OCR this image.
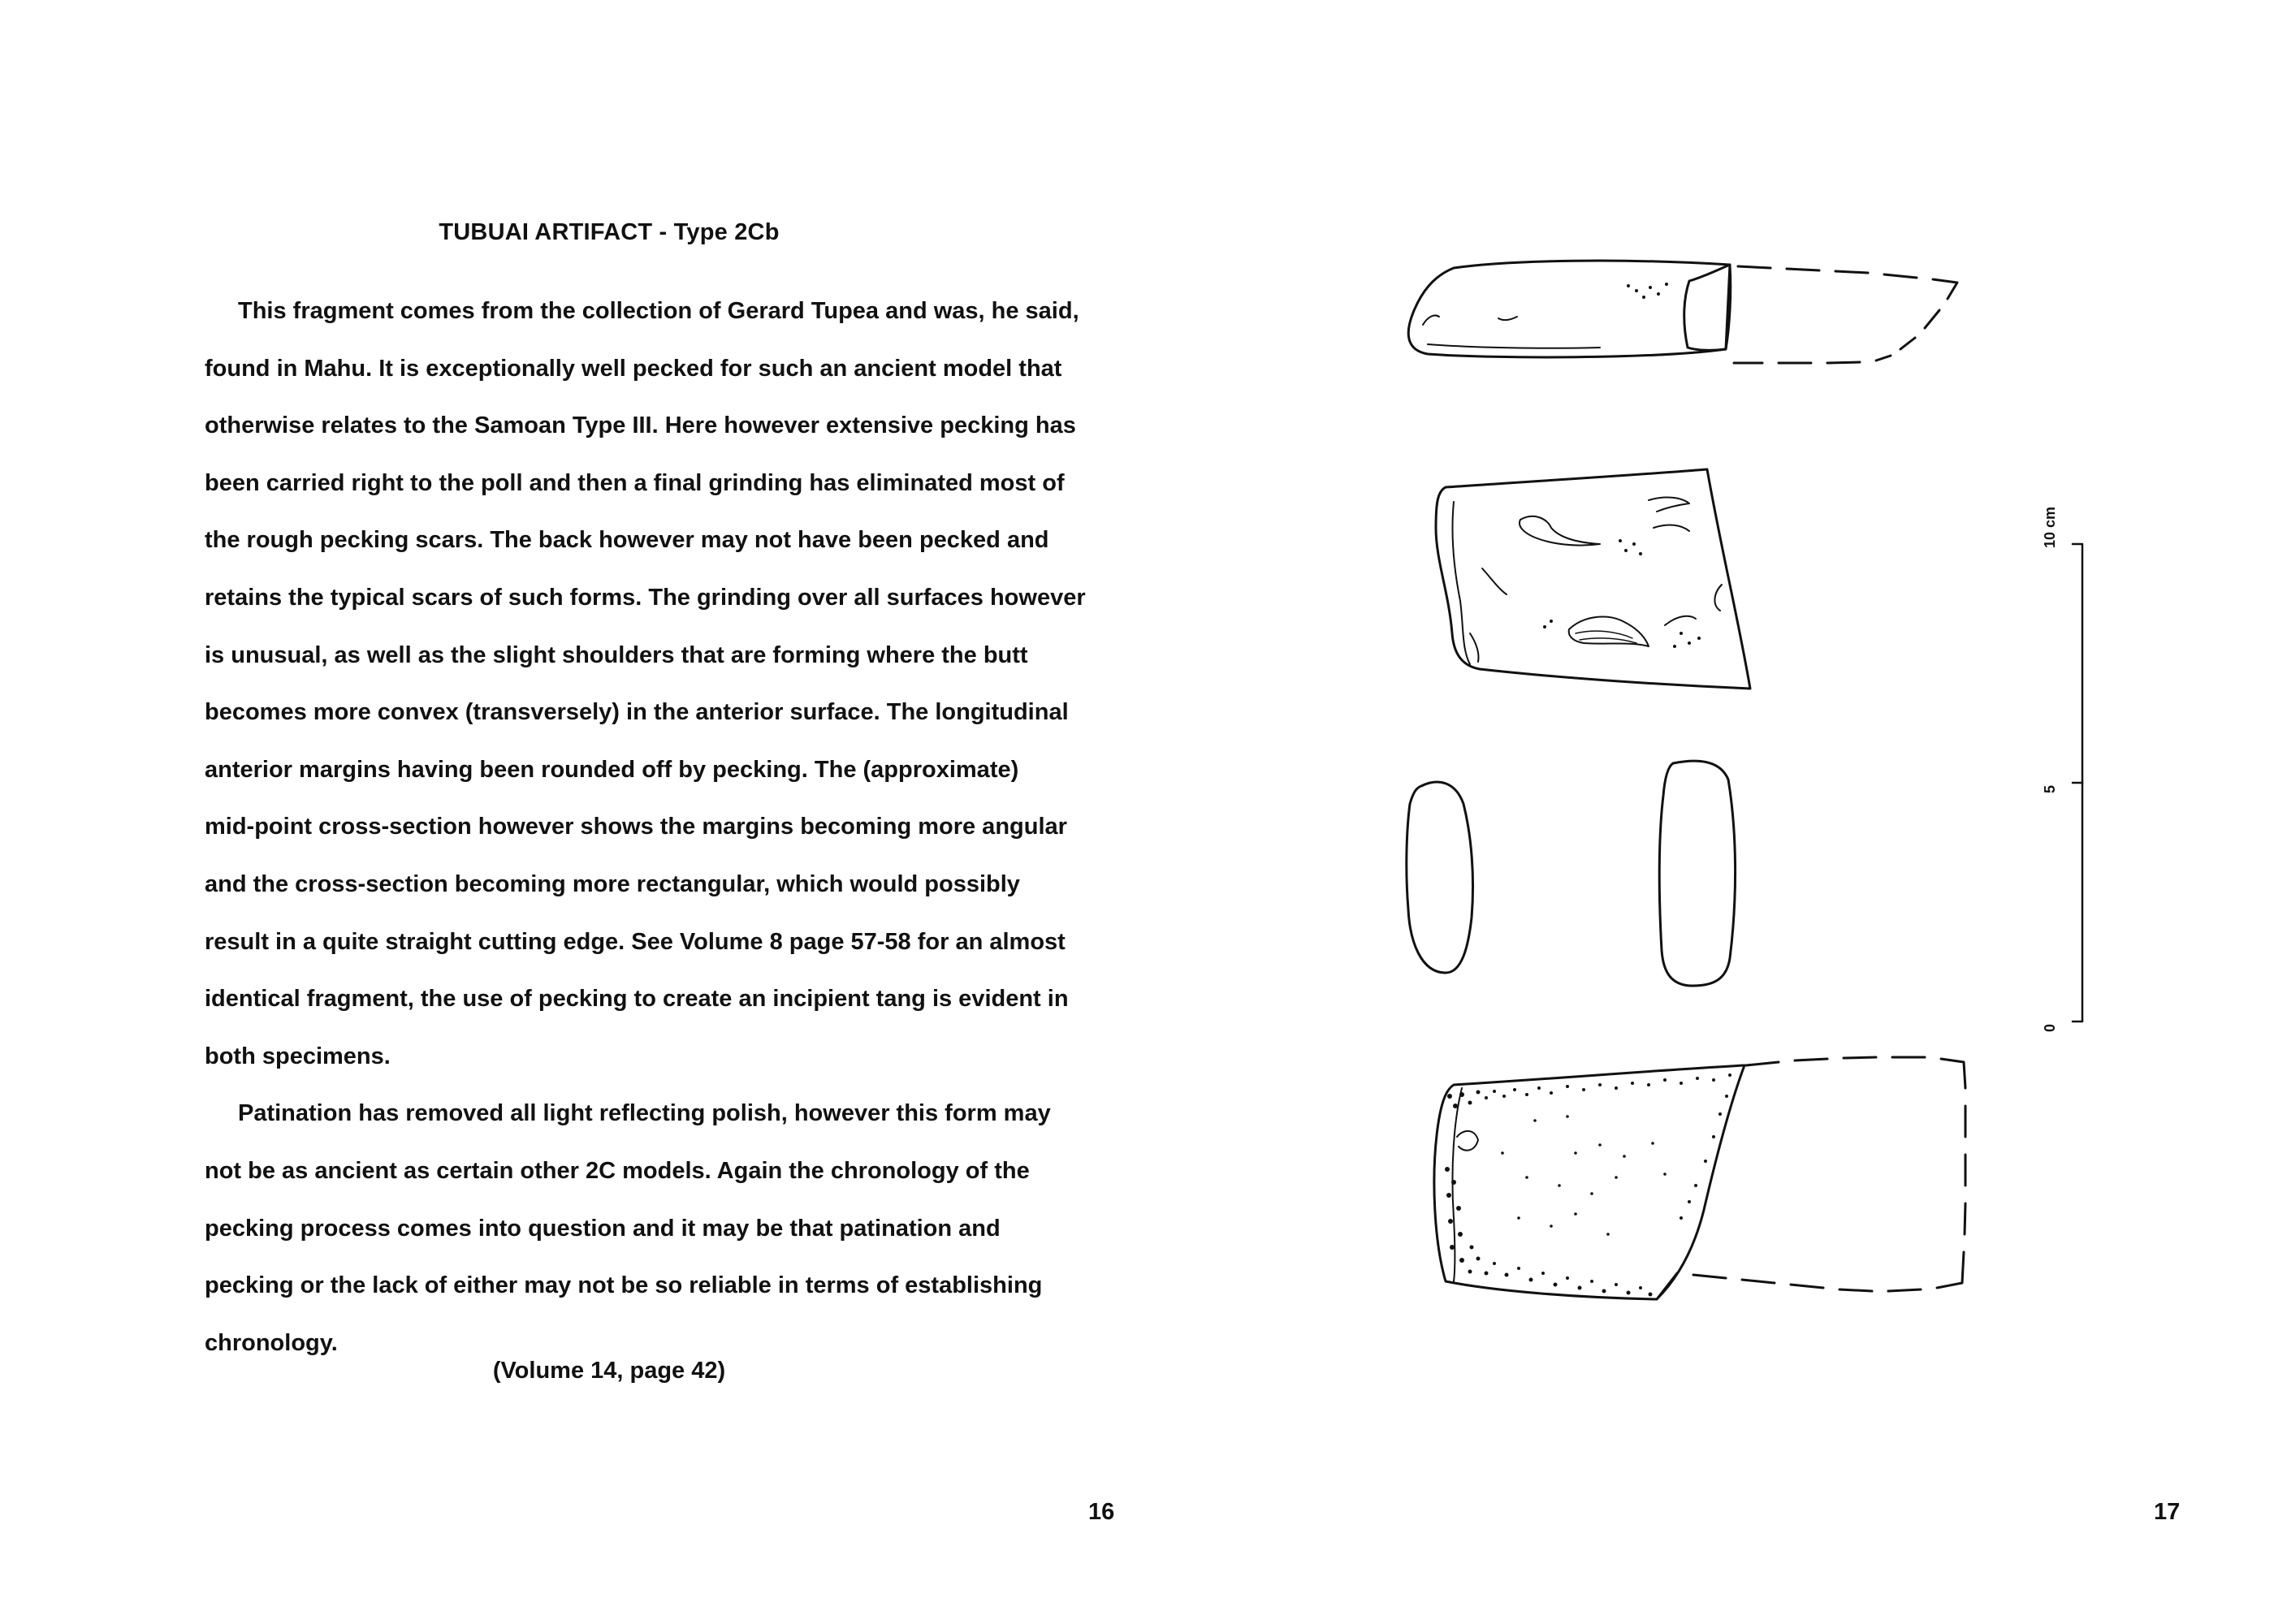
TUBUAI ARTIFACT - Type 2Cb

This fragment comes from the collection of Gerard Tupea and was, he said,
found in Mahu. It is exceptionally well pecked for such an ancient model that
otherwise relates to the Samoan Type III. Here however extensive pecking has
been carried right to the poll and then a final grinding has eliminated most of
the rough pecking scars. The back however may not have been pecked and
retains the typical scars of such forms. The grinding over all surfaces however
is unusual, as well as the slight shoulders that are forming where the butt
becomes more convex (transversely) in the anterior surface. The longitudinal
anterior margins having been rounded off by pecking. The (approximate)
mid-point cross-section however shows the margins becoming more angular
and the cross-section becoming more rectangular, which would possibly
result in a quite straight cutting edge. See Volume 8 page 57-58 for an almost
identical fragment, the use of pecking to create an incipient tang is evident in
both specimens.

Patination has removed all light reflecting polish, however this form may
not be as ancient as certain other 2C models. Again the chronology of the
pecking process comes into question and it may be that patination and
pecking or the lack of either may not be so reliable in terms of establishing
chronology.

(Volume 14, page 42)
16	17
10 cm
5
0
